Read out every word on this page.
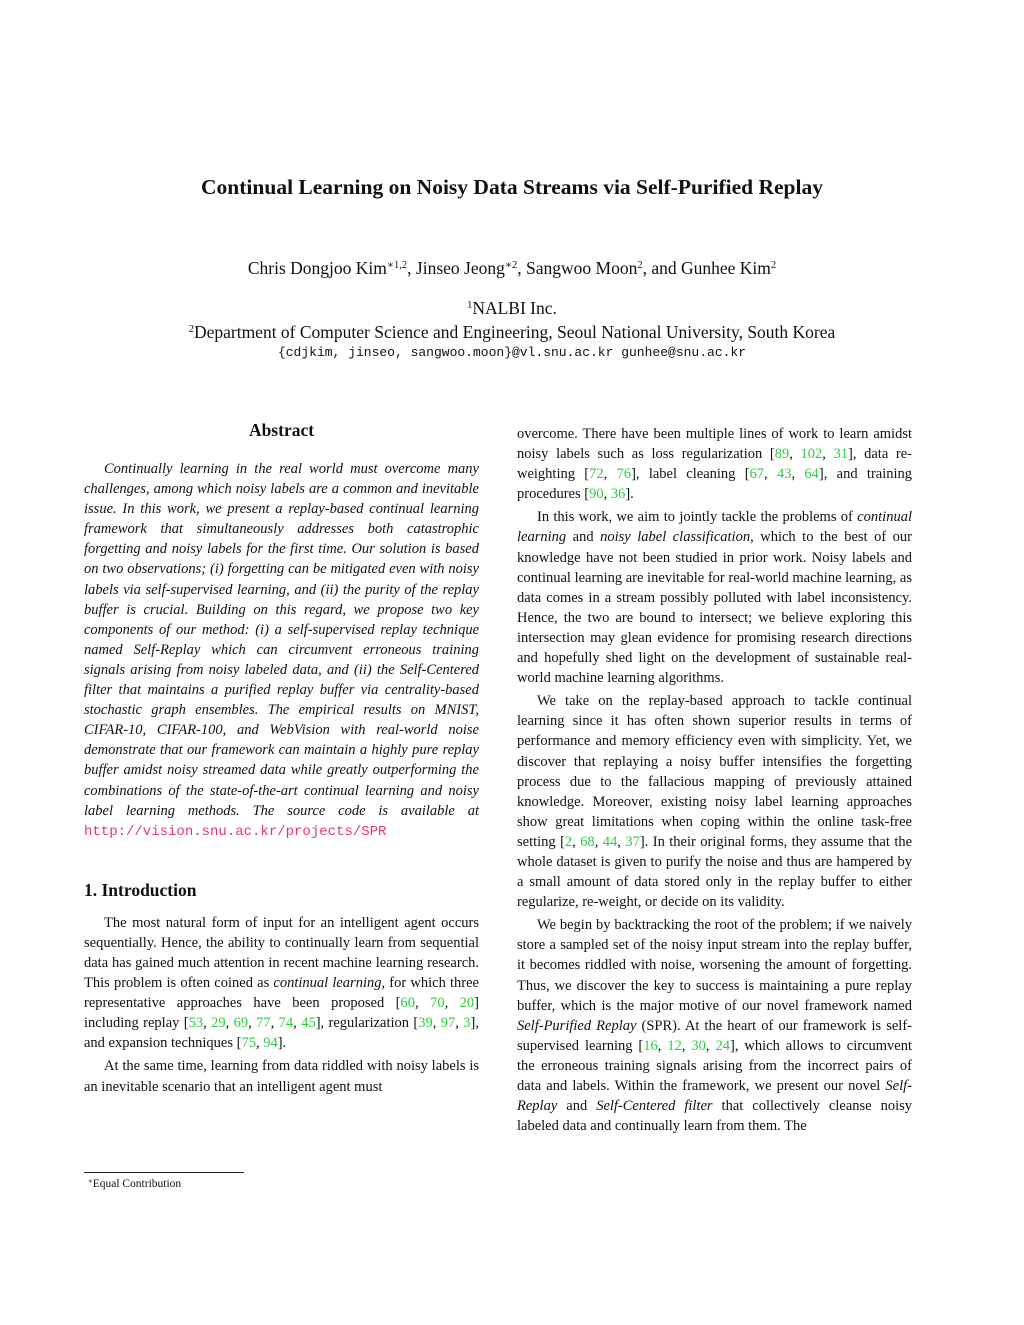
Continual Learning on Noisy Data Streams via Self-Purified Replay
Chris Dongjoo Kim$^{∗1,2}$, Jinseo Jeong$^{∗2}$, Sangwoo Moon$^2$, and Gunhee Kim$^2$
$^1$NALBI Inc.
$^2$Department of Computer Science and Engineering, Seoul National University, South Korea
{cdjkim, jinseo, sangwoo.moon}@vl.snu.ac.kr gunhee@snu.ac.kr
Abstract

Continually learning in the real world must overcome many challenges, among which noisy labels are a common and inevitable issue. In this work, we present a replay-based continual learning framework that simultaneously addresses both catastrophic forgetting and noisy labels for the first time. Our solution is based on two observations; (i) forgetting can be mitigated even with noisy labels via self-supervised learning, and (ii) the purity of the replay buffer is crucial. Building on this regard, we propose two key components of our method: (i) a self-supervised replay technique named Self-Replay which can circumvent erroneous training signals arising from noisy labeled data, and (ii) the Self-Centered filter that maintains a purified replay buffer via centrality-based stochastic graph ensembles. The empirical results on MNIST, CIFAR-10, CIFAR-100, and WebVision with real-world noise demonstrate that our framework can maintain a highly pure replay buffer amidst noisy streamed data while greatly outperforming the combinations of the state-of-the-art continual learning and noisy label learning methods. The source code is available at http://vision.snu.ac.kr/projects/SPR

1. Introduction

The most natural form of input for an intelligent agent occurs sequentially. Hence, the ability to continually learn from sequential data has gained much attention in recent machine learning research. This problem is often coined as continual learning, for which three representative approaches have been proposed [60, 70, 20] including replay [53, 29, 69, 77, 74, 45], regularization [39, 97, 3], and expansion techniques [75, 94].

At the same time, learning from data riddled with noisy labels is an inevitable scenario that an intelligent agent must

overcome. There have been multiple lines of work to learn amidst noisy labels such as loss regularization [89, 102, 31], data re-weighting [72, 76], label cleaning [67, 43, 64], and training procedures [90, 36].

In this work, we aim to jointly tackle the problems of continual learning and noisy label classification, which to the best of our knowledge have not been studied in prior work. Noisy labels and continual learning are inevitable for real-world machine learning, as data comes in a stream possibly polluted with label inconsistency. Hence, the two are bound to intersect; we believe exploring this intersection may glean evidence for promising research directions and hopefully shed light on the development of sustainable real-world machine learning algorithms.

We take on the replay-based approach to tackle continual learning since it has often shown superior results in terms of performance and memory efficiency even with simplicity. Yet, we discover that replaying a noisy buffer intensifies the forgetting process due to the fallacious mapping of previously attained knowledge. Moreover, existing noisy label learning approaches show great limitations when coping within the online task-free setting [2, 68, 44, 37]. In their original forms, they assume that the whole dataset is given to purify the noise and thus are hampered by a small amount of data stored only in the replay buffer to either regularize, re-weight, or decide on its validity.

We begin by backtracking the root of the problem; if we naively store a sampled set of the noisy input stream into the replay buffer, it becomes riddled with noise, worsening the amount of forgetting. Thus, we discover the key to success is maintaining a pure replay buffer, which is the major motive of our novel framework named Self-Purified Replay (SPR). At the heart of our framework is self-supervised learning [16, 12, 30, 24], which allows to circumvent the erroneous training signals arising from the incorrect pairs of data and labels. Within the framework, we present our novel Self-Replay and Self-Centered filter that collectively cleanse noisy labeled data and continually learn from them. The

∗Equal Contribution
